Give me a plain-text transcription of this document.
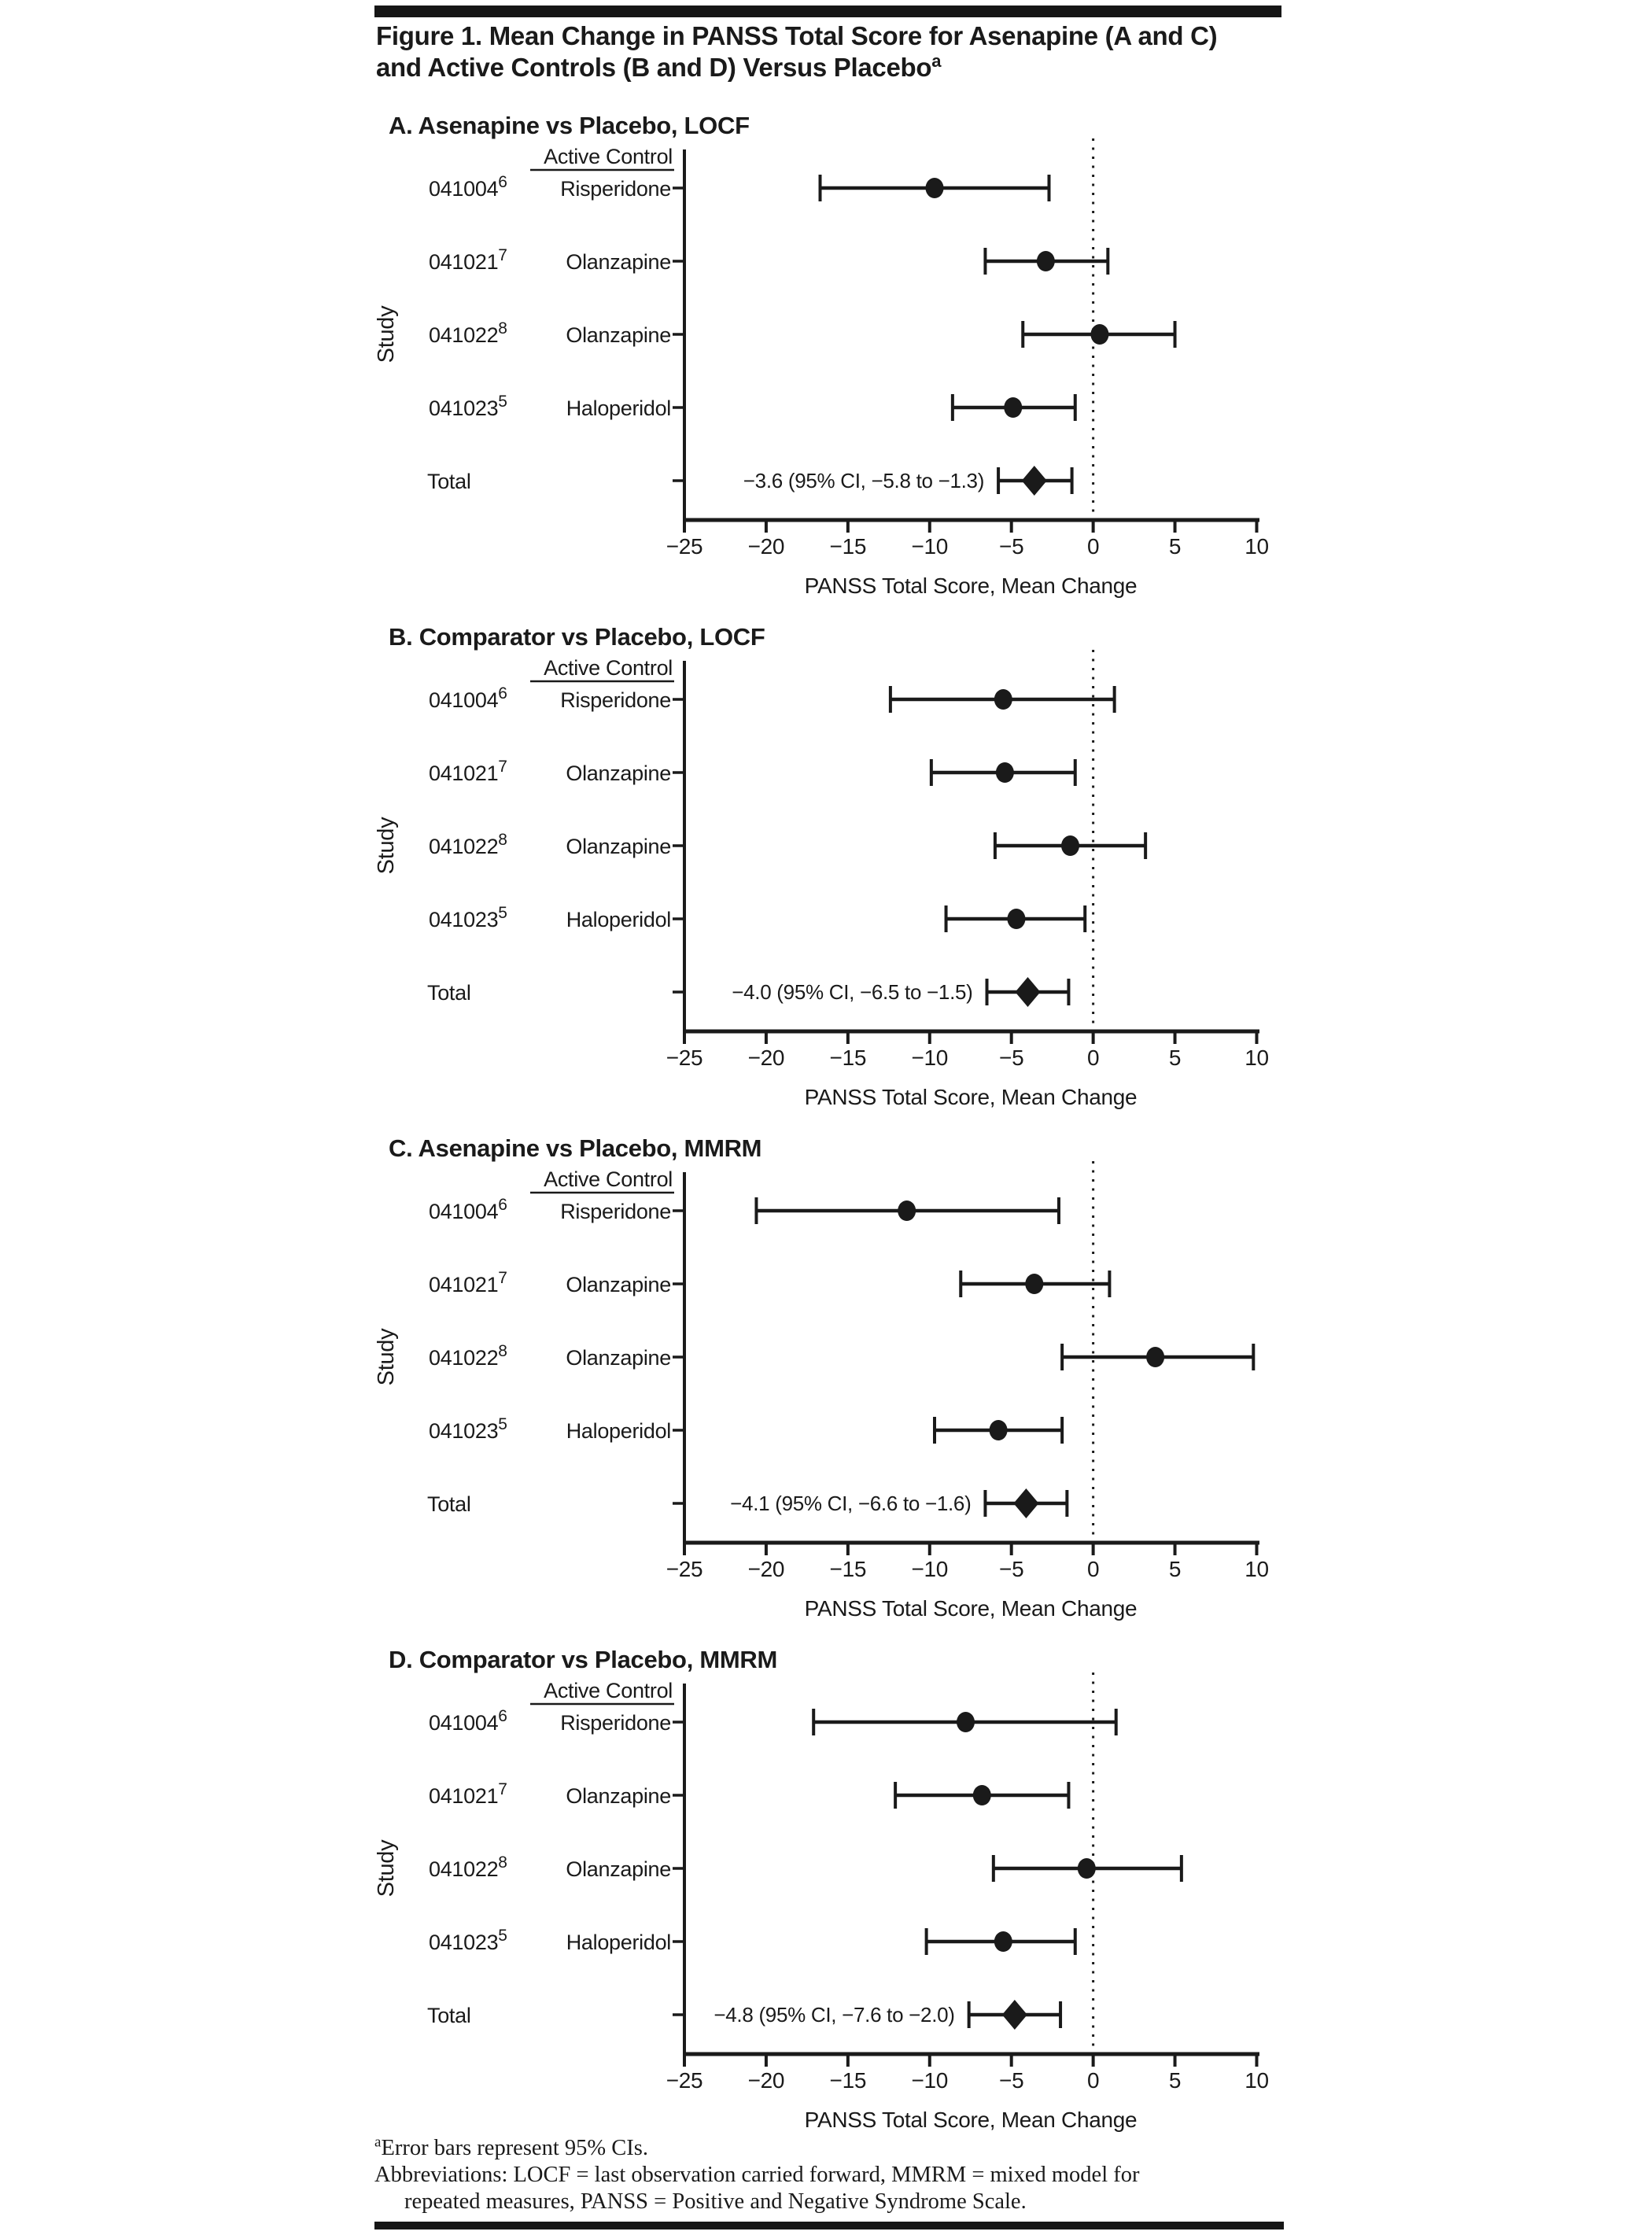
Figure 1. Mean Change in PANSS Total Score for Asenapine (A and C)
and Active Controls (B and D) Versus Placebo$^a$
A. Asenapine vs Placebo, LOCF
Active Control
−25 −20 −15 −10 −5	0	5	10
PANSS Total Score, Mean Change
Study
041004$^6$	Risperidone
041021$^7$	Olanzapine
041022$^8$	Olanzapine
041023$^5$	Haloperidol
Total	−3.6 (95% CI, −5.8 to −1.3)
B. Comparator vs Placebo, LOCF
Active Control
−25 −20 −15 −10 −5	0	5	10
PANSS Total Score, Mean Change
Study
041004$^6$	Risperidone
041021$^7$	Olanzapine
041022$^8$	Olanzapine
041023$^5$	Haloperidol
Total	−4.0 (95% CI, −6.5 to −1.5)
C. Asenapine vs Placebo, MMRM
Active Control
−25 −20 −15 −10 −5	0	5	10
PANSS Total Score, Mean Change
Study
041004$^6$	Risperidone
041021$^7$	Olanzapine
041022$^8$	Olanzapine
041023$^5$	Haloperidol
Total	−4.1 (95% CI, −6.6 to −1.6)
D. Comparator vs Placebo, MMRM
Active Control
−25 −20 −15 −10 −5	0	5	10
PANSS Total Score, Mean Change
Study
041004$^6$	Risperidone
041021$^7$	Olanzapine
041022$^8$	Olanzapine
041023$^5$	Haloperidol
Total	−4.8 (95% CI, −7.6 to −2.0)
$^a$Error bars represent 95% CIs.
Abbreviations: LOCF = last observation carried forward, MMRM = mixed model for
repeated measures, PANSS = Positive and Negative Syndrome Scale.
